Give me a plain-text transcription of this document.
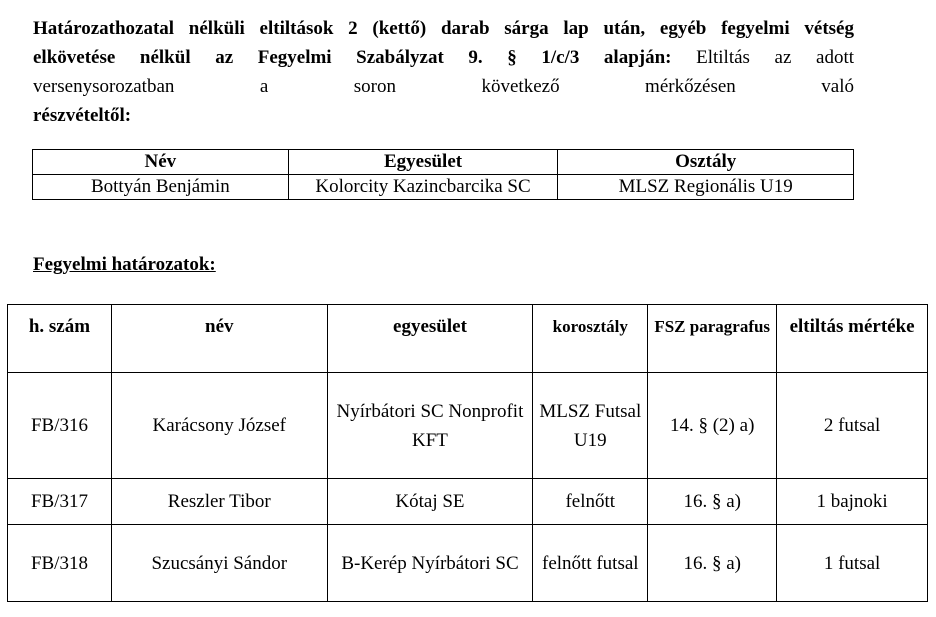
Határozathozatal nélküli eltiltások 2 (kettő) darab sárga lap után, egyéb fegyelmi vétség
elkövetése nélkül az Fegyelmi Szabályzat 9. § 1/c/3 alapján: Eltiltás az adott
versenysorozatban a soron következő mérkőzésen való
részvételtől:
Név	Egyesület	Osztály
Bottyán Benjámin	Kolorcity Kazincbarcika SC	MLSZ Regionális U19
Fegyelmi határozatok:
h. szám	név	egyesület	korosztály	FSZ paragrafus	eltiltás mértéke
FB/316	Karácsony József	Nyírbátori SC Nonprofit KFT	MLSZ Futsal U19	14. § (2) a)	2 futsal
FB/317	Reszler Tibor	Kótaj SE	felnőtt	16. § a)	1 bajnoki
FB/318	Szucsányi Sándor	B-Kerép Nyírbátori SC	felnőtt futsal	16. § a)	1 futsal
